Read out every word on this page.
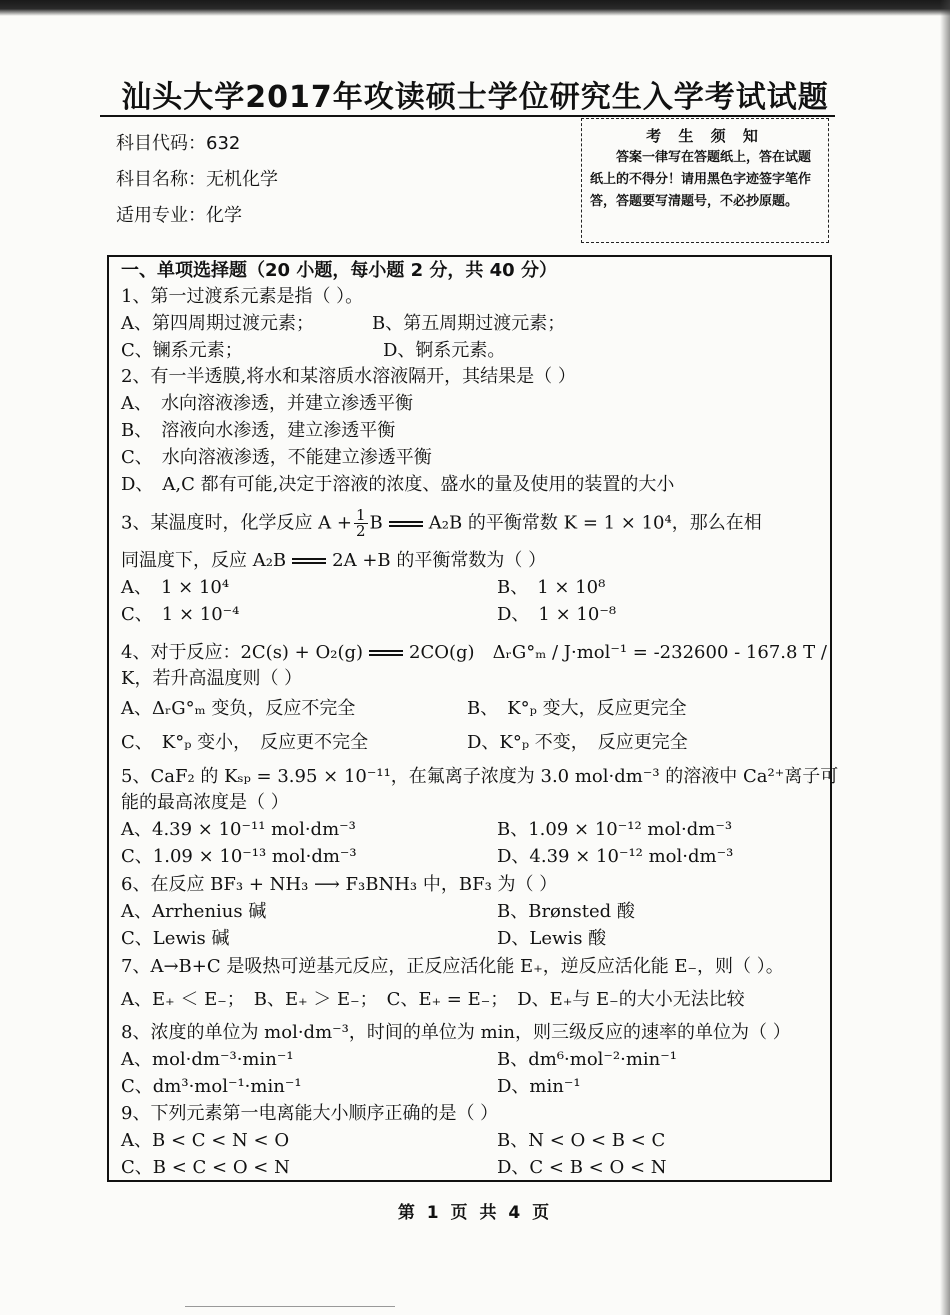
汕头大学2017年攻读硕士学位研究生入学考试试题
科目代码：632
科目名称：无机化学
适用专业：化学
考 生 须 知
答案一律写在答题纸上，答在试题纸上的不得分！请用黑色字迹签字笔作答，答题要写清题号，不必抄原题。
一、单项选择题（20 小题，每小题 2 分，共 40 分）
1、第一过渡系元素是指（ ）。
A、第四周期过渡元素；	B、第五周期过渡元素；
C、镧系元素；	D、锕系元素。
2、有一半透膜,将水和某溶质水溶液隔开，其结果是（ ）
A、　水向溶液渗透，并建立渗透平衡
B、　溶液向水渗透，建立渗透平衡
C、　水向溶液渗透，不能建立渗透平衡
D、　A,C 都有可能,决定于溶液的浓度、盛水的量及使用的装置的大小
3、某温度时，化学反应 $A + \frac{1}{2}$ B	A₂B 的平衡常数 K = 1 × 10⁴，那么在相
同温度下，反应 A₂B	2A +B 的平衡常数为（ ）
A、　1 × 10⁴	B、　1 × 10⁸
C、　1 × 10⁻⁴	D、　1 × 10⁻⁸
4、对于反应：2C(s) + O₂(g)	2CO(g)　ΔᵣG°ₘ / J·mol⁻¹ = -232600 - 167.8 T /
K，若升高温度则（ ）
A、ΔᵣG°ₘ 变负，反应不完全	B、　K°ₚ 变大，反应更完全
C、　K°ₚ 变小，　反应更不完全	D、K°ₚ 不变，　反应更完全
5、CaF₂ 的 Kₛₚ = 3.95 × 10⁻¹¹，在氟离子浓度为 3.0 mol·dm⁻³ 的溶液中 Ca²⁺离子可
能的最高浓度是（ ）
A、4.39 × 10⁻¹¹ mol·dm⁻³	B、1.09 × 10⁻¹² mol·dm⁻³
C、1.09 × 10⁻¹³ mol·dm⁻³	D、4.39 × 10⁻¹² mol·dm⁻³
6、在反应 BF₃ + NH₃ ⟶ F₃BNH₃ 中，BF₃ 为（ ）
A、Arrhenius 碱	B、Brønsted 酸
C、Lewis 碱	D、Lewis 酸
7、A→B+C 是吸热可逆基元反应，正反应活化能 E₊，逆反应活化能 E₋，则（ ）。
A、E₊ ＜ E₋；　B、E₊ ＞ E₋；　C、E₊ = E₋；　D、E₊与 E₋的大小无法比较
8、浓度的单位为 mol·dm⁻³，时间的单位为 min，则三级反应的速率的单位为（ ）
A、mol·dm⁻³·min⁻¹	B、dm⁶·mol⁻²·min⁻¹
C、dm³·mol⁻¹·min⁻¹	D、min⁻¹
9、下列元素第一电离能大小顺序正确的是（ ）
A、B < C < N < O	B、N < O < B < C
C、B < C < O < N	D、C < B < O < N
第 1 页 共 4 页
